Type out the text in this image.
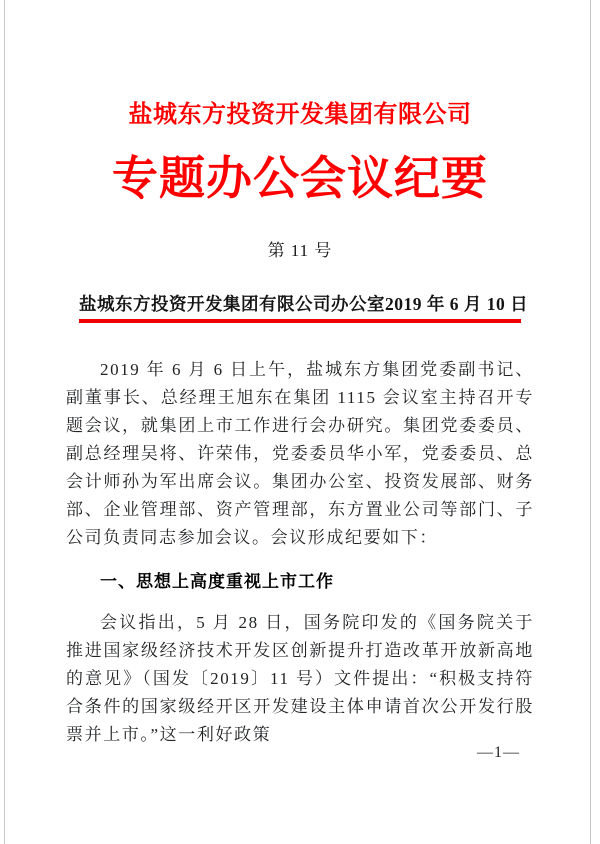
盐城东方投资开发集团有限公司
专题办公会议纪要
第 11 号
盐城东方投资开发集团有限公司办公室 2019 年 6 月 10 日

2019 年 6 月 6 日上午，盐城东方集团党委副书记、副董事长、总经理王旭东在集团 1115 会议室主持召开专题会议，就集团上市工作进行会办研究。集团党委委员、副总经理吴将、许荣伟，党委委员华小军，党委委员、总会计师孙为军出席会议。集团办公室、投资发展部、财务部、企业管理部、资产管理部，东方置业公司等部门、子公司负责同志参加会议。会议形成纪要如下：

一、思想上高度重视上市工作

会议指出，5 月 28 日，国务院印发的《国务院关于推进国家级经济技术开发区创新提升打造改革开放新高地的意见》（国发〔2019〕11 号）文件提出：“积极支持符合条件的国家级经开区开发建设主体申请首次公开发行股票并上市。”这一利好政策

—1—
